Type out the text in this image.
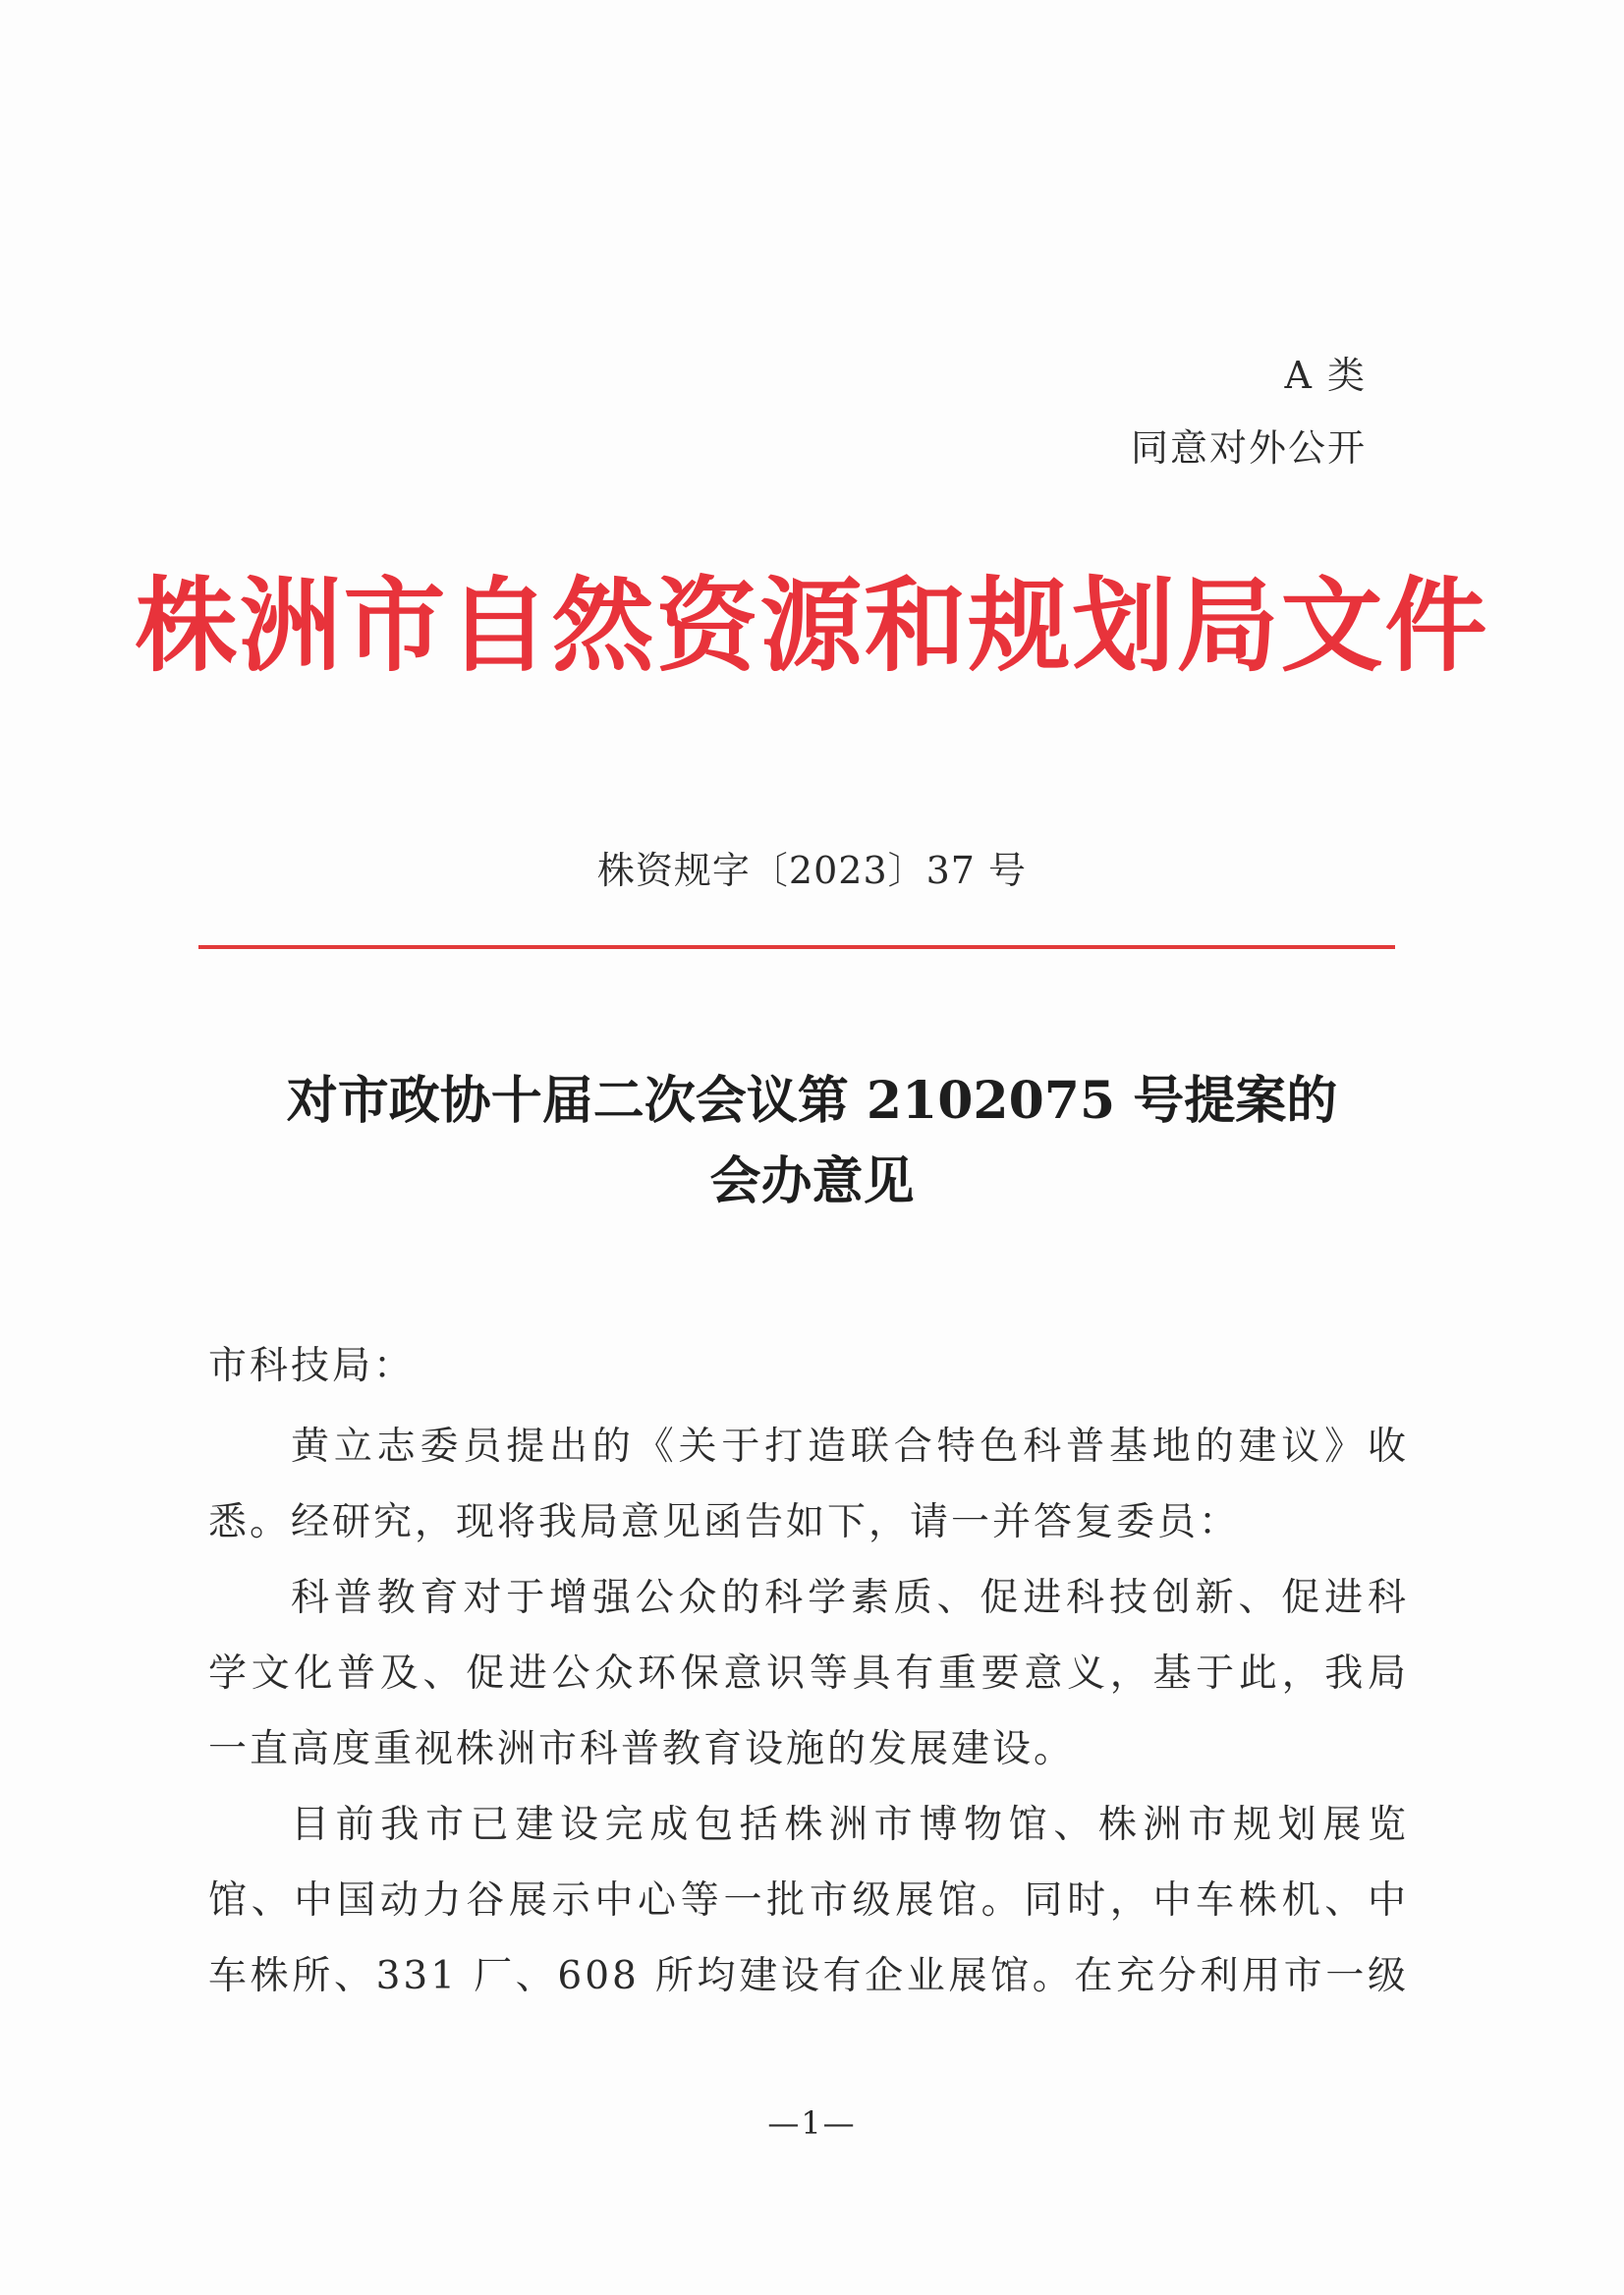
A 类
同意对外公开
株洲市自然资源和规划局文件
株资规字〔2023〕37 号
对市政协十届二次会议第 2102075 号提案的
会办意见
市科技局：
黄立志委员提出的《关于打造联合特色科普基地的建议》收
悉。经研究，现将我局意见函告如下，请一并答复委员：
科普教育对于增强公众的科学素质、促进科技创新、促进科
学文化普及、促进公众环保意识等具有重要意义，基于此，我局
一直高度重视株洲市科普教育设施的发展建设。
目前我市已建设完成包括株洲市博物馆、株洲市规划展览
馆、中国动力谷展示中心等一批市级展馆。同时，中车株机、中
车株所、331 厂、608 所均建设有企业展馆。在充分利用市一级
—1—
